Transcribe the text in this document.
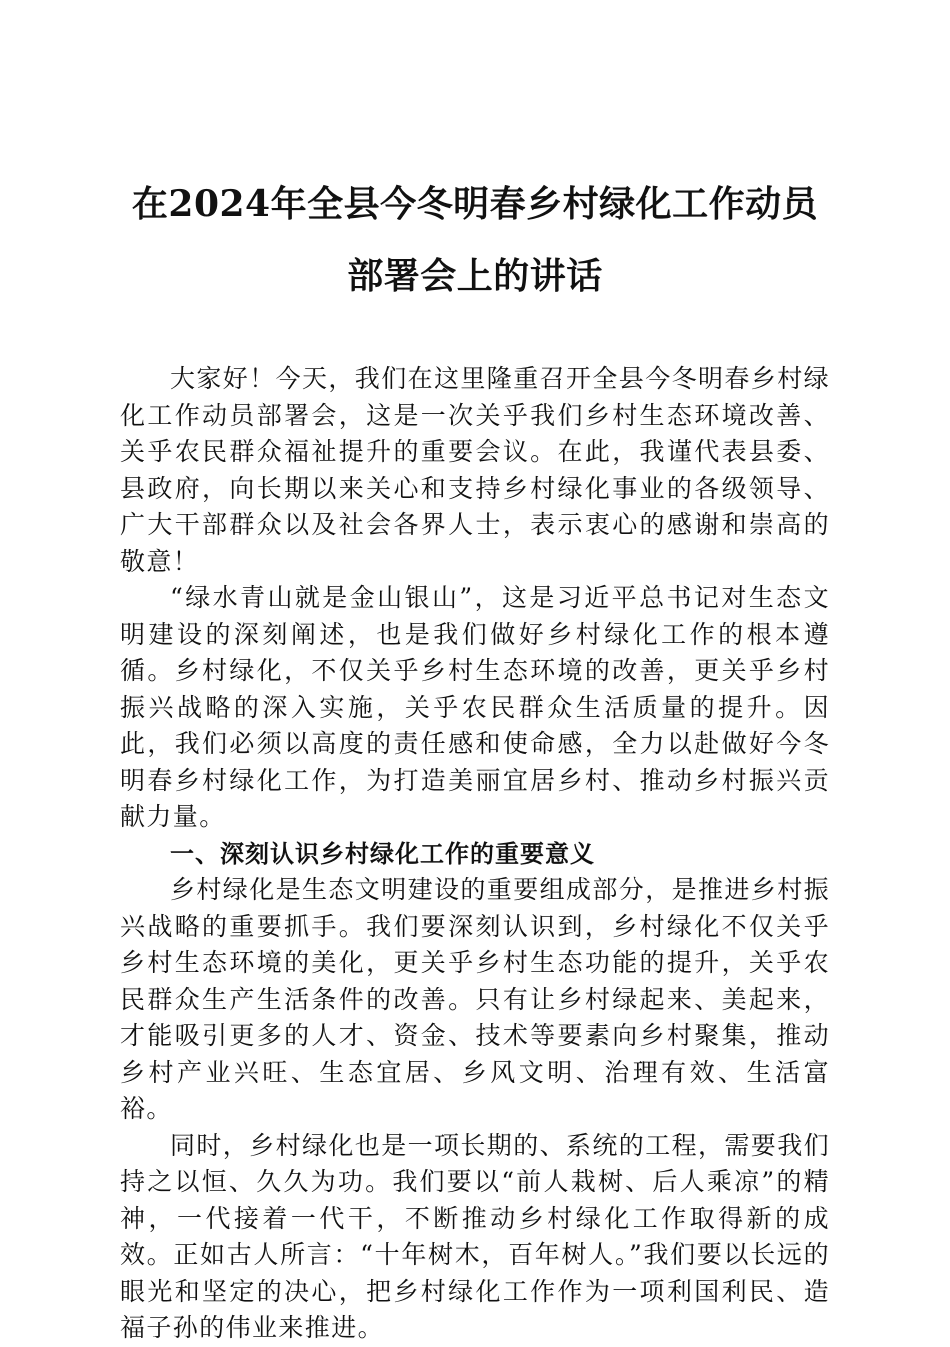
在2024年全县今冬明春乡村绿化工作动员部署会上的讲话

大家好！今天，我们在这里隆重召开全县今冬明春乡村绿化工作动员部署会，这是一次关乎我们乡村生态环境改善、关乎农民群众福祉提升的重要会议。在此，我谨代表县委、县政府，向长期以来关心和支持乡村绿化事业的各级领导、广大干部群众以及社会各界人士，表示衷心的感谢和崇高的敬意！

“绿水青山就是金山银山”，这是习近平总书记对生态文明建设的深刻阐述，也是我们做好乡村绿化工作的根本遵循。乡村绿化，不仅关乎乡村生态环境的改善，更关乎乡村振兴战略的深入实施，关乎农民群众生活质量的提升。因此，我们必须以高度的责任感和使命感，全力以赴做好今冬明春乡村绿化工作，为打造美丽宜居乡村、推动乡村振兴贡献力量。

一、深刻认识乡村绿化工作的重要意义

乡村绿化是生态文明建设的重要组成部分，是推进乡村振兴战略的重要抓手。我们要深刻认识到，乡村绿化不仅关乎乡村生态环境的美化，更关乎乡村生态功能的提升，关乎农民群众生产生活条件的改善。只有让乡村绿起来、美起来，才能吸引更多的人才、资金、技术等要素向乡村聚集，推动乡村产业兴旺、生态宜居、乡风文明、治理有效、生活富裕。

同时，乡村绿化也是一项长期的、系统的工程，需要我们持之以恒、久久为功。我们要以“前人栽树、后人乘凉”的精神，一代接着一代干，不断推动乡村绿化工作取得新的成效。正如古人所言：“十年树木，百年树人。”我们要以长远的眼光和坚定的决心，把乡村绿化工作作为一项利国利民、造福子孙的伟业来推进。
